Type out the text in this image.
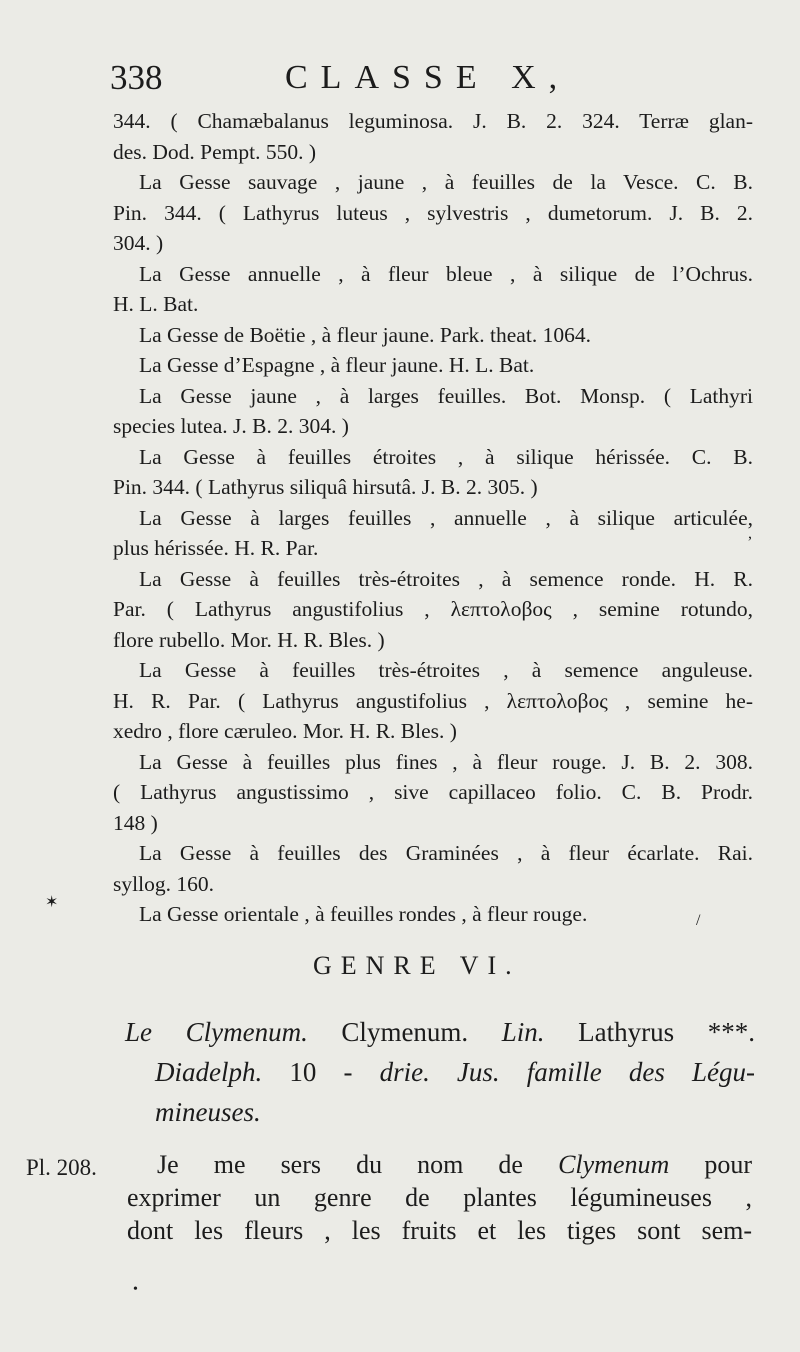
338	CLASSE X,
344. ( Chamæbalanus leguminosa. J. B. 2. 324. Terræ glan-
des. Dod. Pempt. 550. )
La Gesse sauvage , jaune , à feuilles de la Vesce. C. B.
Pin. 344. ( Lathyrus luteus , sylvestris , dumetorum. J. B. 2.
304. )
La Gesse annuelle , à fleur bleue , à silique de l’Ochrus.
H. L. Bat.
La Gesse de Boëtie , à fleur jaune. Park. theat. 1064.
La Gesse d’Espagne , à fleur jaune. H. L. Bat.
La Gesse jaune , à larges feuilles. Bot. Monsp. ( Lathyri
species lutea. J. B. 2. 304. )
La Gesse à feuilles étroites , à silique hérissée. C. B.
Pin. 344. ( Lathyrus siliquâ hirsutâ. J. B. 2. 305. )
La Gesse à larges feuilles , annuelle , à silique articulée,
plus hérissée. H. R. Par.
La Gesse à feuilles très-étroites , à semence ronde. H. R.
Par. ( Lathyrus angustifolius , λεπτολοβος , semine rotundo,
flore rubello. Mor. H. R. Bles. )
La Gesse à feuilles très-étroites , à semence anguleuse.
H. R. Par. ( Lathyrus angustifolius , λεπτολοβος , semine he-
xedro , flore cæruleo. Mor. H. R. Bles. )
La Gesse à feuilles plus fines , à fleur rouge. J. B. 2. 308.
( Lathyrus angustissimo , sive capillaceo folio. C. B. Prodr.
148 )
La Gesse à feuilles des Graminées , à fleur écarlate. Rai.
syllog. 160.
La Gesse orientale , à feuilles rondes , à fleur rouge.
GENRE VI.
Le Clymenum. Clymenum. Lin. Lathyrus ***.
Diadelph. 10 - drie. Jus. famille des Légu-
mineuses.
Pl. 208.	Je me sers du nom de Clymenum pour
exprimer un genre de plantes légumineuses ,
dont les fleurs , les fruits et les tiges sont sem-
✶
,
/
•
